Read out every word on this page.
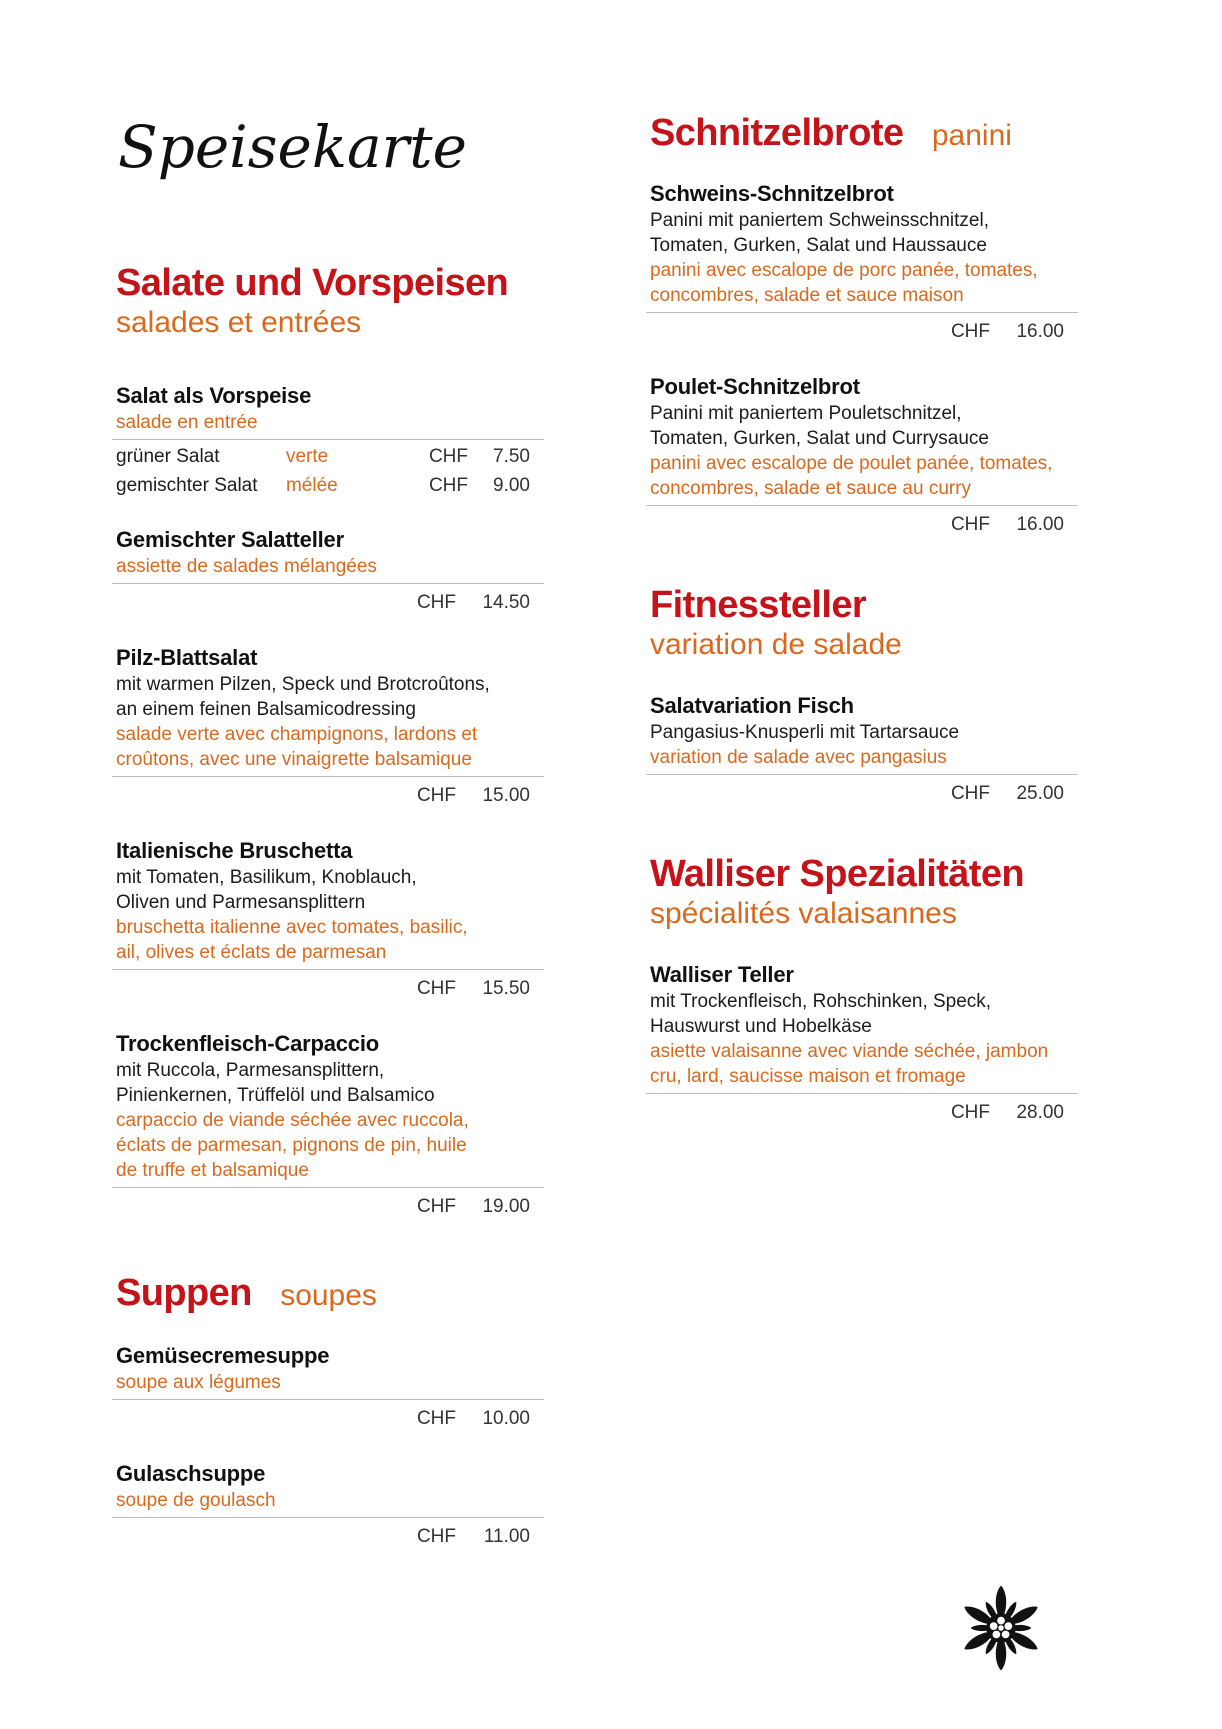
Speisekarte
Salate und Vorspeisen
salades et entrées
Salat als Vorspeise
salade en entrée
grüner Salat	verte	CHF 7.50
gemischter Salat	mélée	CHF 9.00
Gemischter Salatteller
assiette de salades mélangées
CHF 14.50
Pilz-Blattsalat
mit warmen Pilzen, Speck und Brotcroûtons,
an einem feinen Balsamicodressing
salade verte avec champignons, lardons et
croûtons, avec une vinaigrette balsamique
CHF 15.00
Italienische Bruschetta
mit Tomaten, Basilikum, Knoblauch,
Oliven und Parmesansplittern
bruschetta italienne avec tomates, basilic,
ail, olives et éclats de parmesan
CHF 15.50
Trockenfleisch-Carpaccio
mit Ruccola, Parmesansplittern,
Pinienkernen, Trüffelöl und Balsamico
carpaccio de viande séchée avec ruccola,
éclats de parmesan, pignons de pin, huile
de truffe et balsamique
CHF 19.00
Suppen soupes
Gemüsecremesuppe
soupe aux légumes
CHF 10.00
Gulaschsuppe
soupe de goulasch
CHF	11.00
Schnitzelbrote panini
Schweins-Schnitzelbrot
Panini mit paniertem Schweinsschnitzel,
Tomaten, Gurken, Salat und Haussauce
panini avec escalope de porc panée, tomates,
concombres, salade et sauce maison
CHF 16.00
Poulet-Schnitzelbrot
Panini mit paniertem Pouletschnitzel,
Tomaten, Gurken, Salat und Currysauce
panini avec escalope de poulet panée, tomates,
concombres, salade et sauce au curry
CHF 16.00
Fitnessteller
variation de salade
Salatvariation Fisch
Pangasius-Knusperli mit Tartarsauce
variation de salade avec pangasius
CHF 25.00
Walliser Spezialitäten
spécialités valaisannes
Walliser Teller
mit Trockenfleisch, Rohschinken, Speck,
Hauswurst und Hobelkäse
asiette valaisanne avec viande séchée, jambon
cru, lard, saucisse maison et fromage
CHF 28.00
